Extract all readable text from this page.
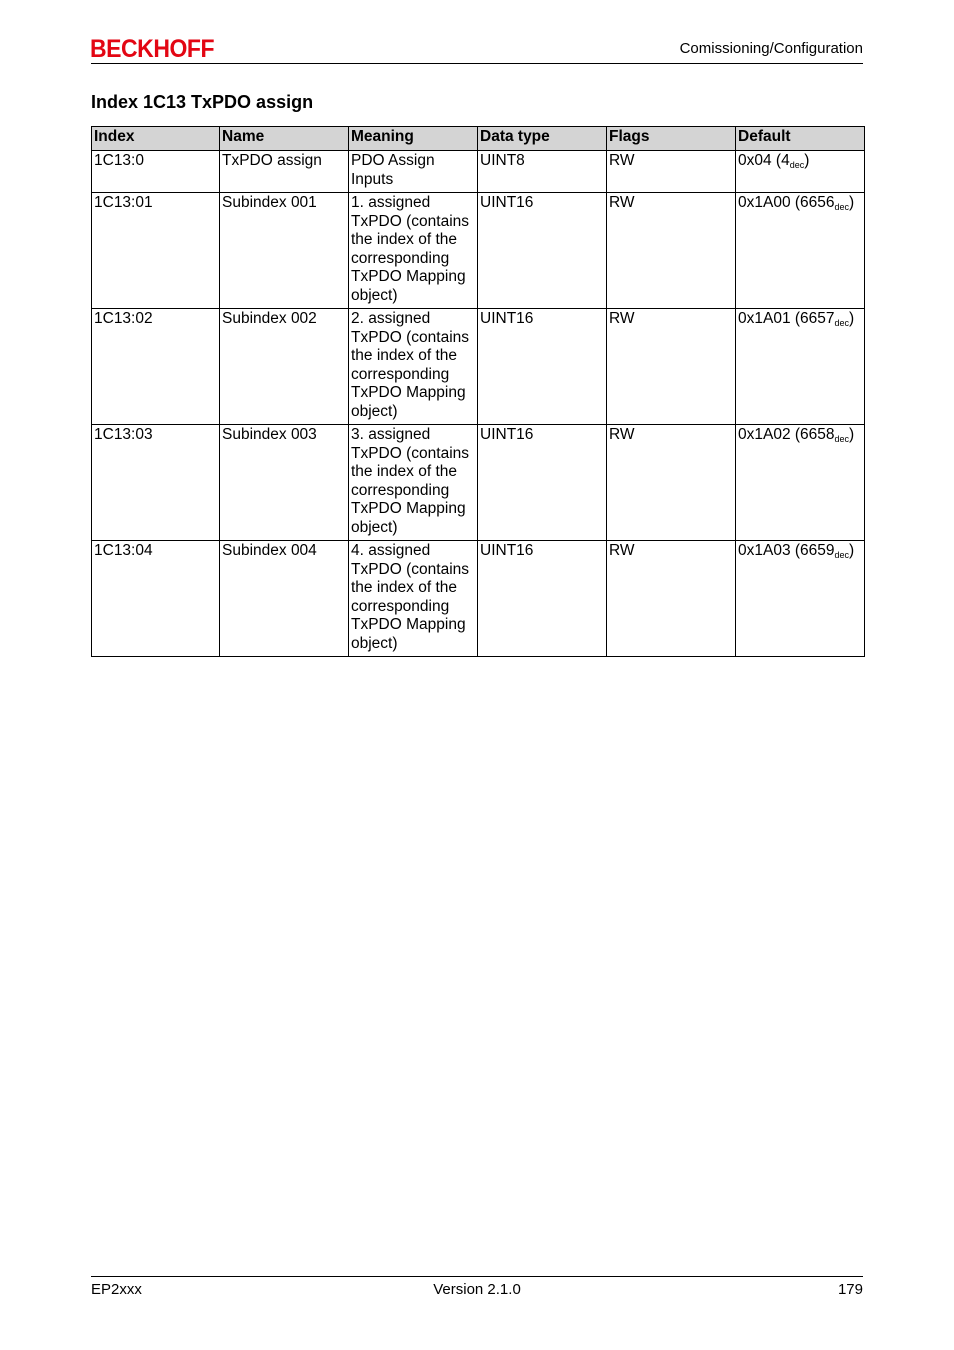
BECKHOFF	Comissioning/Configuration
Index 1C13 TxPDO assign
Index	Name	Meaning	Data type	Flags	Default
1C13:0	TxPDO assign	PDO Assign Inputs	UINT8	RW	0x04 $(4_{dec})$
1C13:01	Subindex 001	1. assigned TxPDO (contains the index of the corresponding TxPDO Mapping object)	UINT16	RW	0x1A00 $(6656_{dec})$
1C13:02	Subindex 002	2. assigned TxPDO (contains the index of the corresponding TxPDO Mapping object)	UINT16	RW	0x1A01 $(6657_{dec})$
1C13:03	Subindex 003	3. assigned TxPDO (contains the index of the corresponding TxPDO Mapping object)	UINT16	RW	0x1A02 $(6658_{dec})$
1C13:04	Subindex 004	4. assigned TxPDO (contains the index of the corresponding TxPDO Mapping object)	UINT16	RW	0x1A03 $(6659_{dec})$
EP2xxx	Version 2.1.0	179
